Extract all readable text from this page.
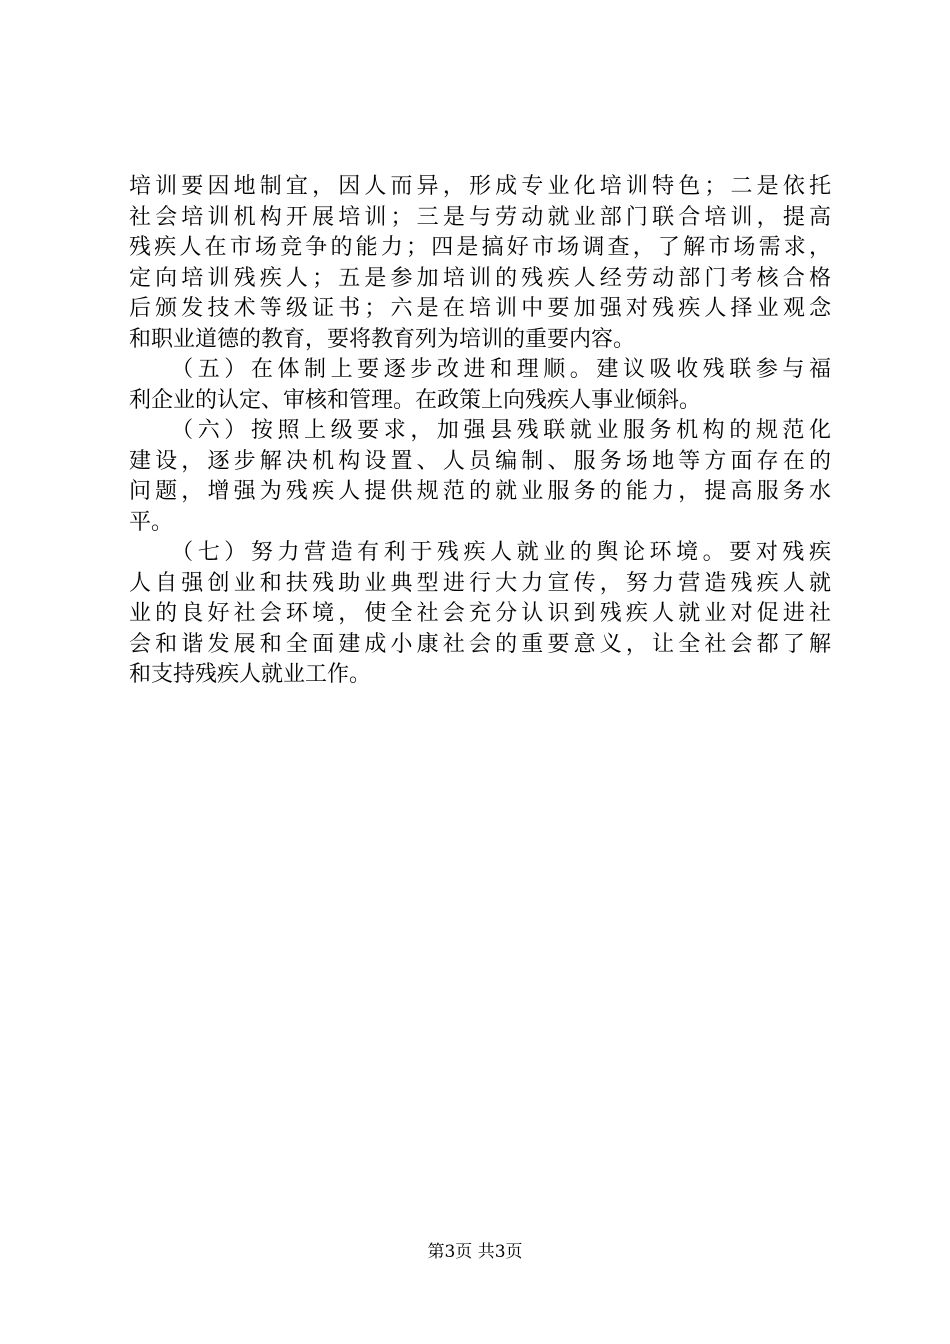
培训要因地制宜，因人而异，形成专业化培训特色；二是依托
社会培训机构开展培训；三是与劳动就业部门联合培训，提高
残疾人在市场竞争的能力；四是搞好市场调查，了解市场需求，
定向培训残疾人；五是参加培训的残疾人经劳动部门考核合格
后颁发技术等级证书；六是在培训中要加强对残疾人择业观念
和职业道德的教育，要将教育列为培训的重要内容。
　　（五）在体制上要逐步改进和理顺。建议吸收残联参与福
利企业的认定、审核和管理。在政策上向残疾人事业倾斜。
　　（六）按照上级要求，加强县残联就业服务机构的规范化
建设，逐步解决机构设置、人员编制、服务场地等方面存在的
问题，增强为残疾人提供规范的就业服务的能力，提高服务水
平。
　　（七）努力营造有利于残疾人就业的舆论环境。要对残疾
人自强创业和扶残助业典型进行大力宣传，努力营造残疾人就
业的良好社会环境，使全社会充分认识到残疾人就业对促进社
会和谐发展和全面建成小康社会的重要意义，让全社会都了解
和支持残疾人就业工作。
第3页 共3页
